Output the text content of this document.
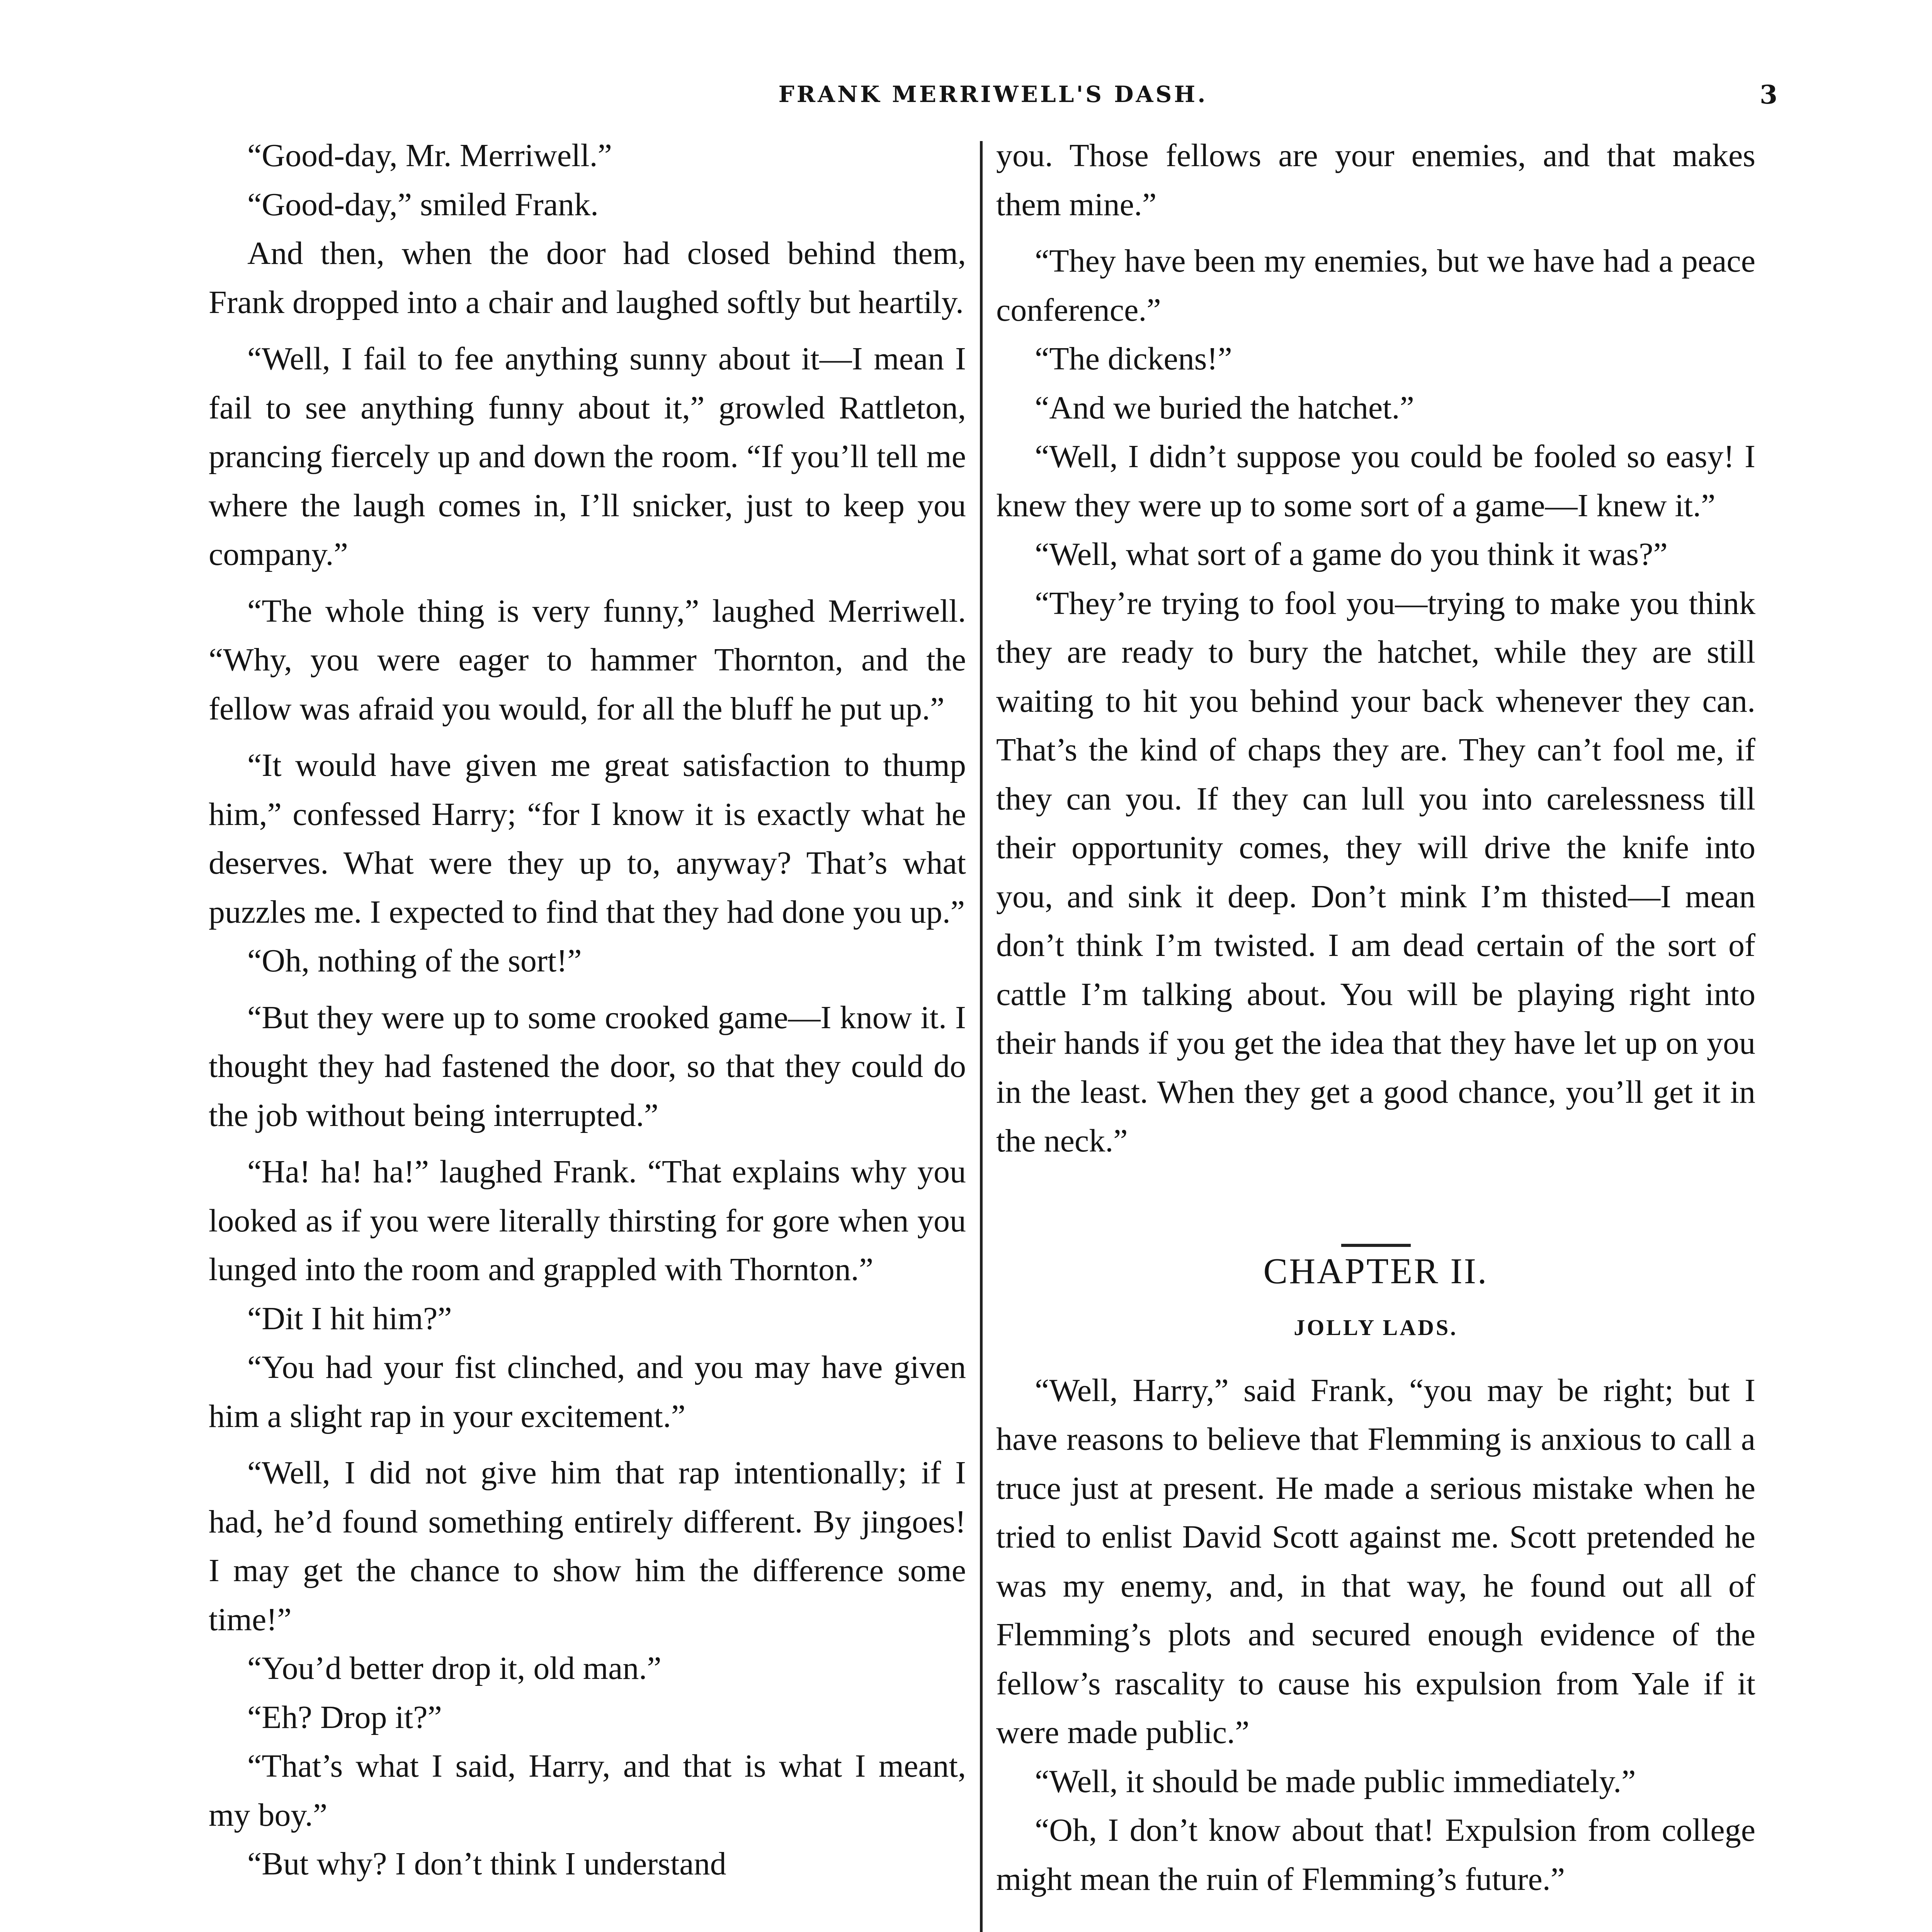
FRANK MERRIWELL'S DASH.	3

“Good-day, Mr. Merriwell.”

“Good-day,” smiled Frank.

And then, when the door had closed behind them, Frank dropped into a chair and laughed softly but heartily.

“Well, I fail to fee anything sunny about it—I mean I fail to see anything funny about it,” growled Rattleton, prancing fiercely up and down the room. “If you’ll tell me where the laugh comes in, I’ll snicker, just to keep you company.”

“The whole thing is very funny,” laughed Merriwell. “Why, you were eager to hammer Thornton, and the fellow was afraid you would, for all the bluff he put up.”

“It would have given me great satisfaction to thump him,” confessed Harry; “for I know it is exactly what he deserves. What were they up to, anyway? That’s what puzzles me. I expected to find that they had done you up.”

“Oh, nothing of the sort!”

“But they were up to some crooked game—I know it. I thought they had fastened the door, so that they could do the job without being interrupted.”

“Ha! ha! ha!” laughed Frank. “That explains why you looked as if you were literally thirsting for gore when you lunged into the room and grappled with Thornton.”

“Dit I hit him?”

“You had your fist clinched, and you may have given him a slight rap in your excitement.”

“Well, I did not give him that rap intentionally; if I had, he’d found something entirely different. By jingoes! I may get the chance to show him the difference some time!”

“You’d better drop it, old man.”

“Eh? Drop it?”

“That’s what I said, Harry, and that is what I meant, my boy.”

“But why? I don’t think I understand

you. Those fellows are your enemies, and that makes them mine.”

“They have been my enemies, but we have had a peace conference.”

“The dickens!”

“And we buried the hatchet.”

“Well, I didn’t suppose you could be fooled so easy! I knew they were up to some sort of a game—I knew it.”

“Well, what sort of a game do you think it was?”

“They’re trying to fool you—trying to make you think they are ready to bury the hatchet, while they are still waiting to hit you behind your back whenever they can. That’s the kind of chaps they are. They can’t fool me, if they can you. If they can lull you into carelessness till their opportunity comes, they will drive the knife into you, and sink it deep. Don’t mink I’m thisted—I mean don’t think I’m twisted. I am dead certain of the sort of cattle I’m talking about. You will be playing right into their hands if you get the idea that they have let up on you in the least. When they get a good chance, you’ll get it in the neck.”

CHAPTER II.
JOLLY LADS.

“Well, Harry,” said Frank, “you may be right; but I have reasons to believe that Flemming is anxious to call a truce just at present. He made a serious mistake when he tried to enlist David Scott against me. Scott pretended he was my enemy, and, in that way, he found out all of Flemming’s plots and secured enough evidence of the fellow’s rascality to cause his expulsion from Yale if it were made public.”

“Well, it should be made public immediately.”

“Oh, I don’t know about that! Expulsion from college might mean the ruin of Flemming’s future.”
